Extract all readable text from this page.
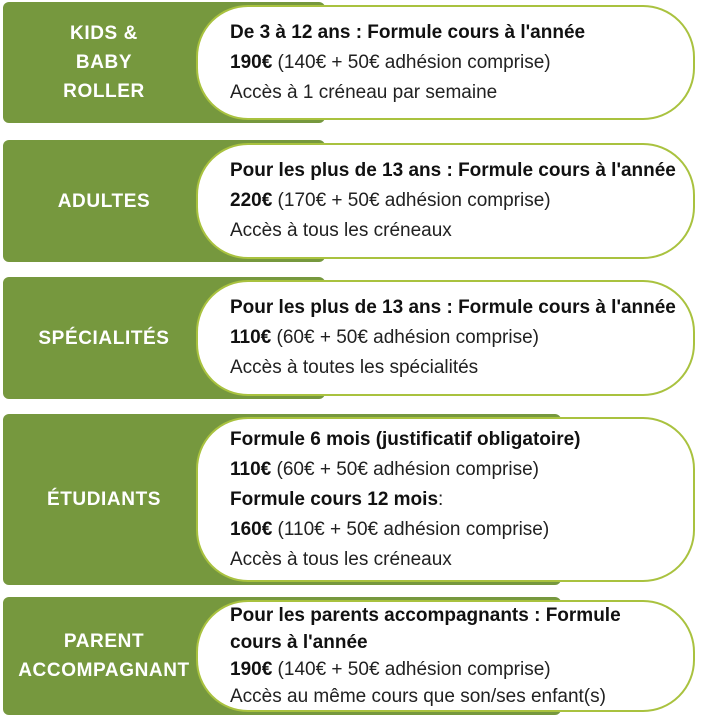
KIDS &
BABY
ROLLER
De 3 à 12 ans : Formule cours à l'année
190€ (140€ + 50€ adhésion comprise)
Accès à 1 créneau par semaine
ADULTES
Pour les plus de 13 ans : Formule cours à l'année
220€ (170€ + 50€ adhésion comprise)
Accès à tous les créneaux
SPÉCIALITÉS
Pour les plus de 13 ans : Formule cours à l'année
110€ (60€ + 50€ adhésion comprise)
Accès à toutes les spécialités
ÉTUDIANTS
Formule 6 mois (justificatif obligatoire)
110€ (60€ + 50€ adhésion comprise)
Formule cours 12 mois:
160€ (110€ + 50€ adhésion comprise)
Accès à tous les créneaux
PARENT
ACCOMPAGNANT
Pour les parents accompagnants : Formule
cours à l'année
190€ (140€ + 50€ adhésion comprise)
Accès au même cours que son/ses enfant(s)
